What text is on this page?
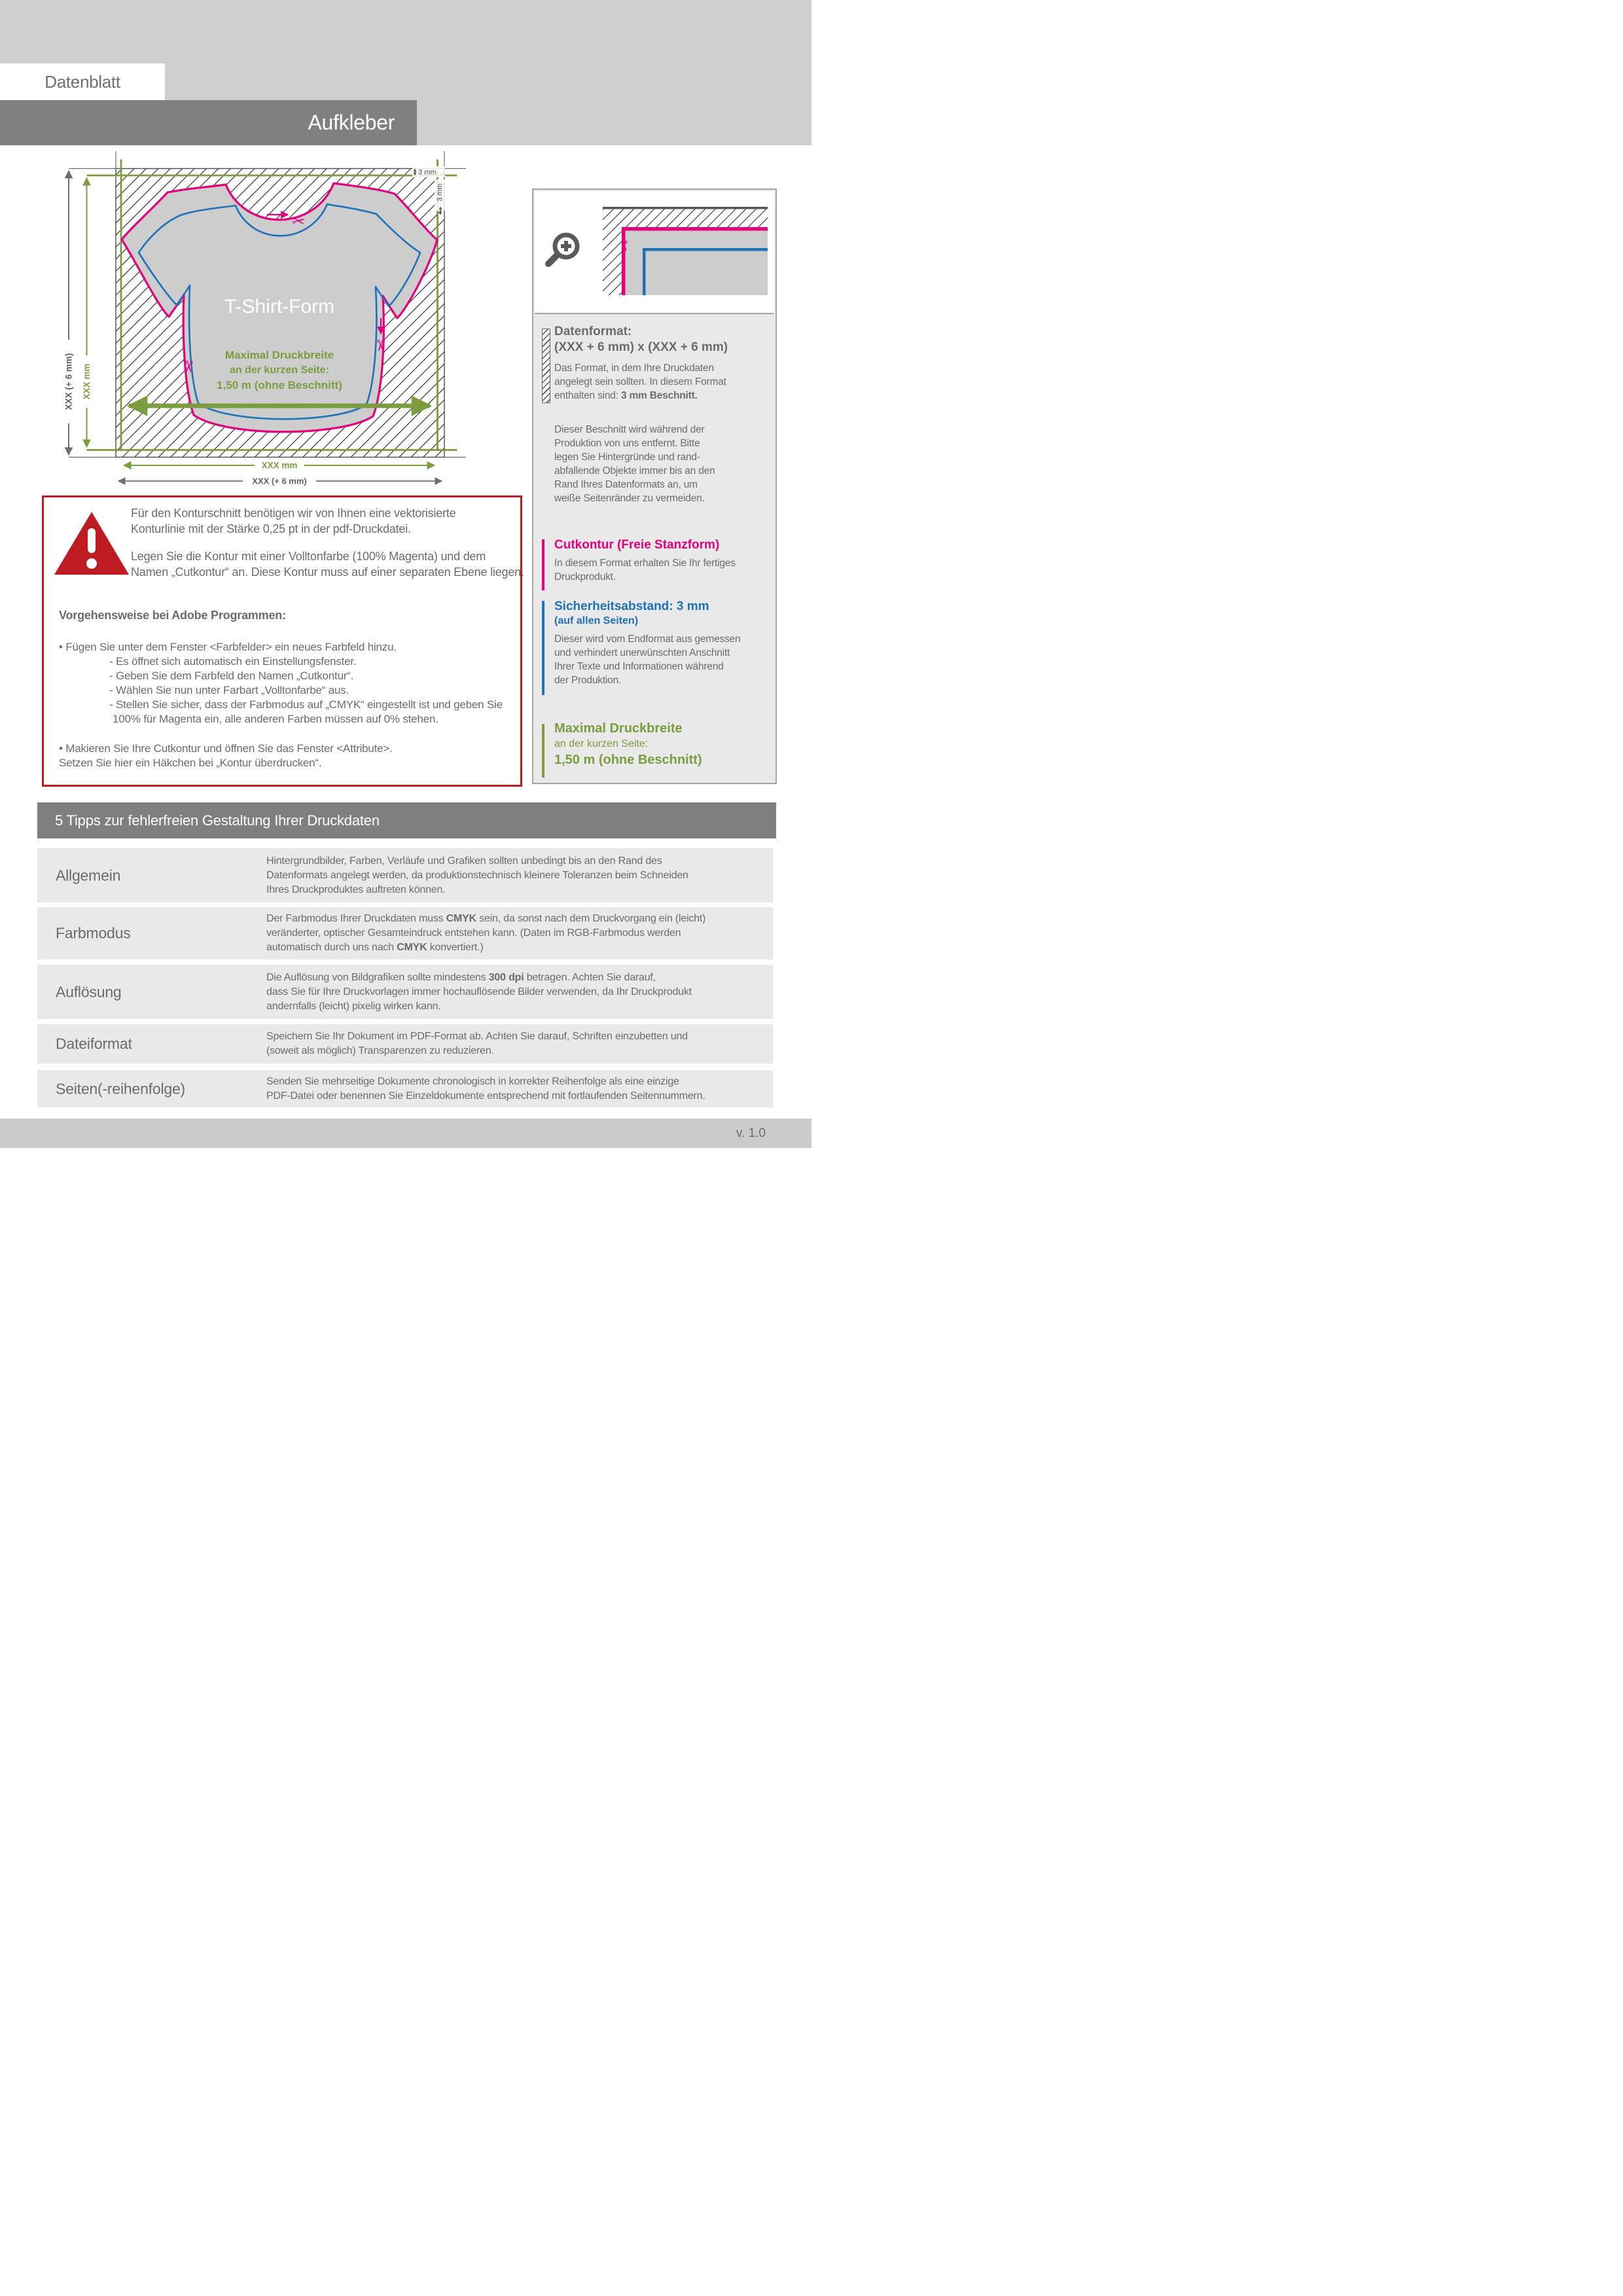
Datenblatt
Aufkleber
✂
✂
✂
T-Shirt-Form
Maximal Druckbreite
an der kurzen Seite:
1,50 m (ohne Beschnitt)
XXX (+ 6 mm) XXX mm
XXX mm
XXX (+ 6 mm)
3 mm
3 mm
Für den Konturschnitt benötigen wir von Ihnen eine vektorisierte
Konturlinie mit der Stärke 0,25 pt in der pdf-Druckdatei.
Legen Sie die Kontur mit einer Volltonfarbe (100% Magenta) und dem
Namen „Cutkontur“ an. Diese Kontur muss auf einer separaten Ebene liegen.
Vorgehensweise bei Adobe Programmen:
• Fügen Sie unter dem Fenster <Farbfelder> ein neues Farbfeld hinzu.
- Es öffnet sich automatisch ein Einstellungsfenster.
- Geben Sie dem Farbfeld den Namen „Cutkontur“.
- Wählen Sie nun unter Farbart „Volltonfarbe“ aus.
- Stellen Sie sicher, dass der Farbmodus auf „CMYK“ eingestellt ist und geben Sie
100% für Magenta ein, alle anderen Farben müssen auf 0% stehen.
• Makieren Sie Ihre Cutkontur und öffnen Sie das Fenster <Attribute>.
Setzen Sie hier ein Häkchen bei „Kontur überdrucken“.
✂
Datenformat:
(XXX + 6 mm) x (XXX + 6 mm)
Das Format, in dem Ihre Druckdaten
angelegt sein sollten. In diesem Format
enthalten sind: 3 mm Beschnitt.
Dieser Beschnitt wird während der
Produktion von uns entfernt. Bitte
legen Sie Hintergründe und rand-
abfallende Objekte immer bis an den
Rand Ihres Datenformats an, um
weiße Seitenränder zu vermeiden.
Cutkontur (Freie Stanzform)
In diesem Format erhalten Sie Ihr fertiges
Druckprodukt.
Sicherheitsabstand: 3 mm
(auf allen Seiten)
Dieser wird vom Endformat aus gemessen
und verhindert unerwünschten Anschnitt
Ihrer Texte und Informationen während
der Produktion.
Maximal Druckbreite
an der kurzen Seite:
1,50 m (ohne Beschnitt)
5 Tipps zur fehlerfreien Gestaltung Ihrer Druckdaten
Allgemein
Hintergrundbilder, Farben, Verläufe und Grafiken sollten unbedingt bis an den Rand des
Datenformats angelegt werden, da produktionstechnisch kleinere Toleranzen beim Schneiden
Ihres Druckproduktes auftreten können.
Farbmodus
Der Farbmodus Ihrer Druckdaten muss CMYK sein, da sonst nach dem Druckvorgang ein (leicht)
veränderter, optischer Gesamteindruck entstehen kann. (Daten im RGB-Farbmodus werden
automatisch durch uns nach CMYK konvertiert.)
Auflösung
Die Auflösung von Bildgrafiken sollte mindestens 300 dpi betragen. Achten Sie darauf,
dass Sie für Ihre Druckvorlagen immer hochauflösende Bilder verwenden, da Ihr Druckprodukt
andernfalls (leicht) pixelig wirken kann.
Dateiformat	Speichern Sie Ihr Dokument im PDF-Format ab. Achten Sie darauf, Schriften einzubetten und
(soweit als möglich) Transparenzen zu reduzieren.
Seiten(-reihenfolge)	Senden Sie mehrseitige Dokumente chronologisch in korrekter Reihenfolge als eine einzige
PDF-Datei oder benennen Sie Einzeldokumente entsprechend mit fortlaufenden Seitennummern.
v. 1.0
